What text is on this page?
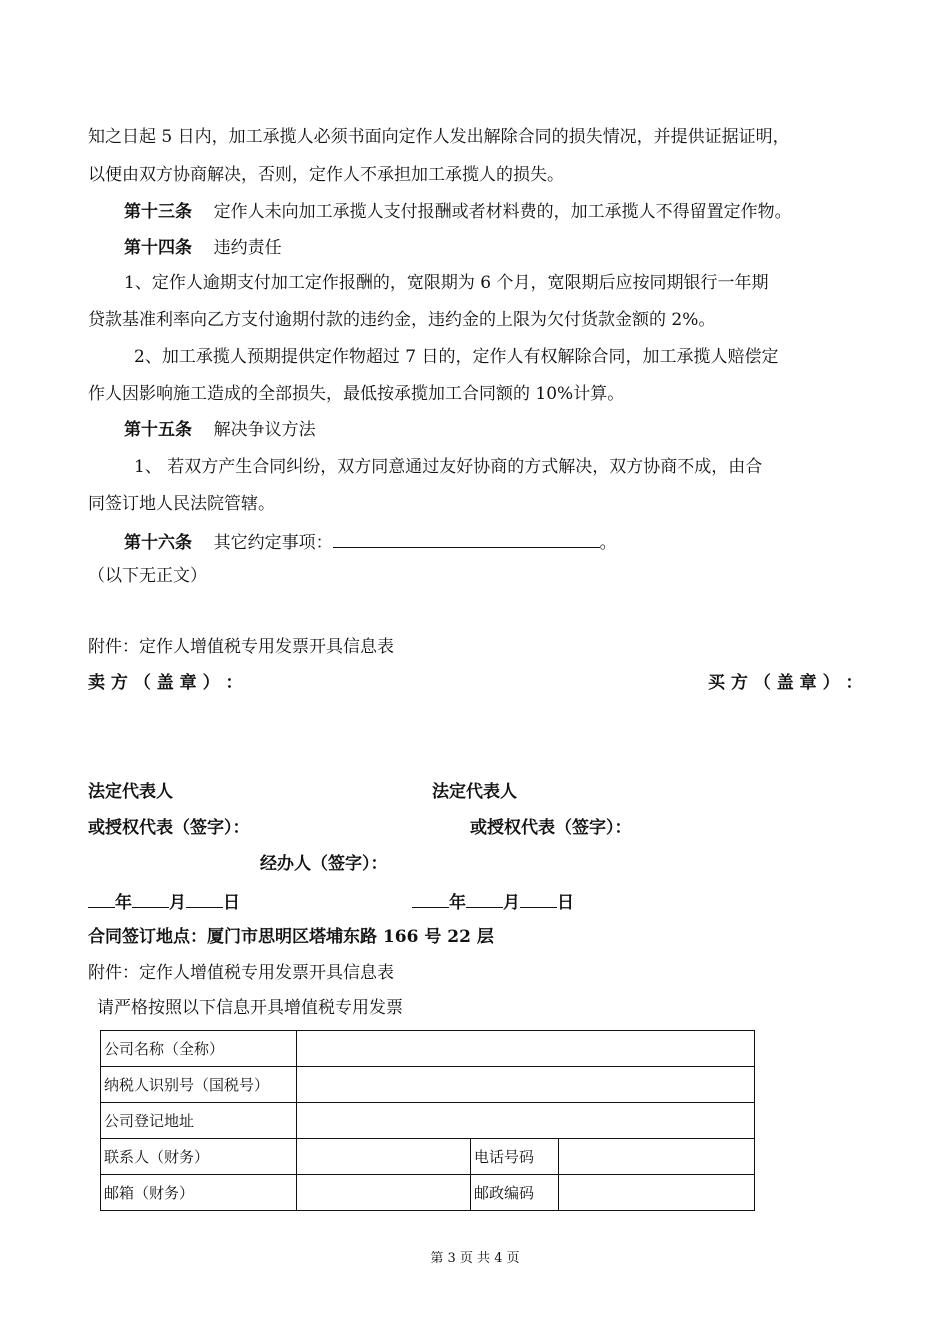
知之日起 5 日内，加工承揽人必须书面向定作人发出解除合同的损失情况，并提供证据证明，
以便由双方协商解决，否则，定作人不承担加工承揽人的损失。
第十三条 定作人未向加工承揽人支付报酬或者材料费的，加工承揽人不得留置定作物。
第十四条 违约责任
1、定作人逾期支付加工定作报酬的，宽限期为 6 个月，宽限期后应按同期银行一年期
贷款基准利率向乙方支付逾期付款的违约金，违约金的上限为欠付货款金额的 2%。
2、加工承揽人预期提供定作物超过 7 日的，定作人有权解除合同，加工承揽人赔偿定
作人因影响施工造成的全部损失，最低按承揽加工合同额的 10%计算。
第十五条 解决争议方法
1、 若双方产生合同纠纷，双方同意通过友好协商的方式解决，双方协商不成，由合
同签订地人民法院管辖。
第十六条 其它约定事项：	。
（以下无正文）
附件：定作人增值税专用发票开具信息表
卖 方 （ 盖 章 ） ：	买 方 （ 盖 章 ） ：
法定代表人	法定代表人
或授权代表（签字）：	或授权代表（签字）：
经办人（签字）：
年 月 日	年 月 日
合同签订地点：厦门市思明区塔埔东路 166 号 22 层
附件：定作人增值税专用发票开具信息表
请严格按照以下信息开具增值税专用发票
公司名称（全称）			
纳税人识别号（国税号）			
公司登记地址			
联系人（财务）		电话号码	
邮箱（财务）		邮政编码	
第 3 页 共 4 页
